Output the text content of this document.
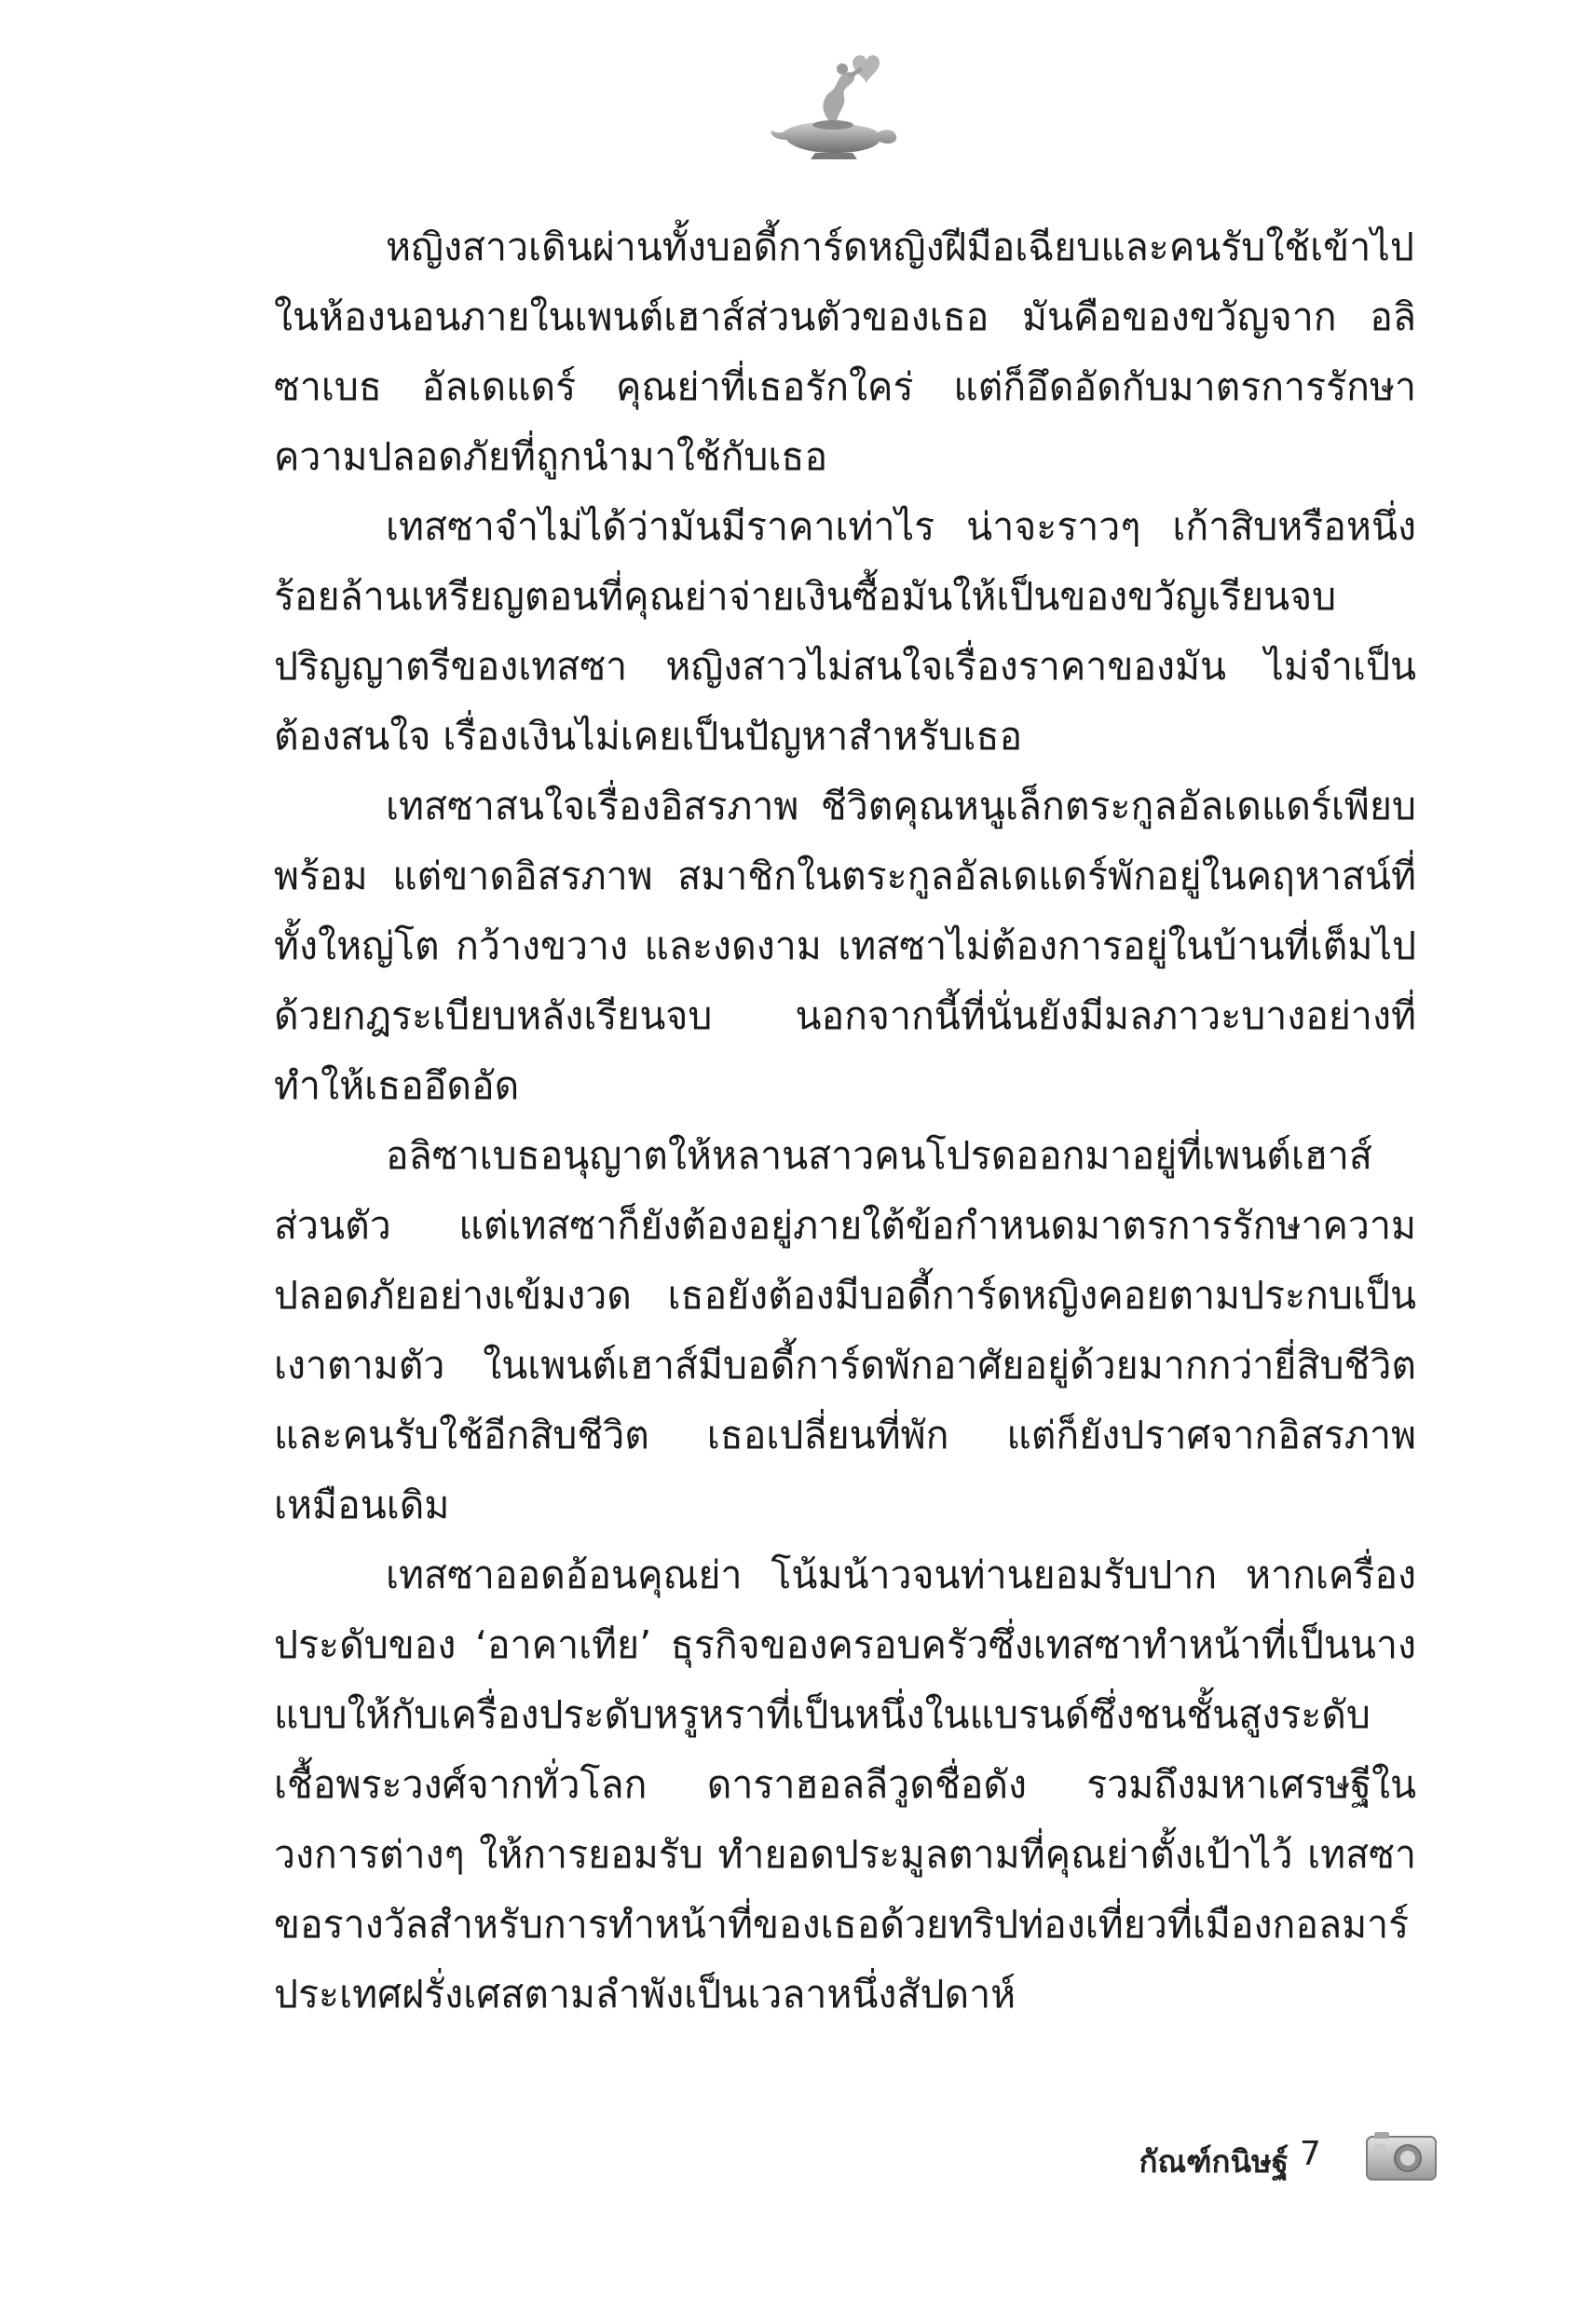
หญิงสาวเดินผ่านทั้งบอดี้การ์ดหญิงฝีมือเฉียบและคนรับใช้เข้าไปในห้องนอนภายในเพนต์เฮาส์ส่วนตัวของเธอ มันคือของขวัญจาก อลิซาเบธ อัลเดแดร์ คุณย่าที่เธอรักใคร่ แต่ก็อึดอัดกับมาตรการรักษาความปลอดภัยที่ถูกนำมาใช้กับเธอ

เทสซาจำไม่ได้ว่ามันมีราคาเท่าไร น่าจะราวๆ เก้าสิบหรือหนึ่งร้อยล้านเหรียญตอนที่คุณย่าจ่ายเงินซื้อมันให้เป็นของขวัญเรียนจบปริญญาตรีของเทสซา หญิงสาวไม่สนใจเรื่องราคาของมัน ไม่จำเป็นต้องสนใจ เรื่องเงินไม่เคยเป็นปัญหาสำหรับเธอ

เทสซาสนใจเรื่องอิสรภาพ ชีวิตคุณหนูเล็กตระกูลอัลเดแดร์เพียบพร้อม แต่ขาดอิสรภาพ สมาชิกในตระกูลอัลเดแดร์พักอยู่ในคฤหาสน์ที่ทั้งใหญ่โต กว้างขวาง และงดงาม เทสซาไม่ต้องการอยู่ในบ้านที่เต็มไปด้วยกฎระเบียบหลังเรียนจบ นอกจากนี้ที่นั่นยังมีมลภาวะบางอย่างที่ทำให้เธออึดอัด

อลิซาเบธอนุญาตให้หลานสาวคนโปรดออกมาอยู่ที่เพนต์เฮาส์ส่วนตัว แต่เทสซาก็ยังต้องอยู่ภายใต้ข้อกำหนดมาตรการรักษาความปลอดภัยอย่างเข้มงวด เธอยังต้องมีบอดี้การ์ดหญิงคอยตามประกบเป็นเงาตามตัว ในเพนต์เฮาส์มีบอดี้การ์ดพักอาศัยอยู่ด้วยมากกว่ายี่สิบชีวิตและคนรับใช้อีกสิบชีวิต เธอเปลี่ยนที่พัก แต่ก็ยังปราศจากอิสรภาพเหมือนเดิม

เทสซาออดอ้อนคุณย่า โน้มน้าวจนท่านยอมรับปาก หากเครื่องประดับของ ‘อาคาเทีย’ ธุรกิจของครอบครัวซึ่งเทสซาทำหน้าที่เป็นนางแบบให้กับเครื่องประดับหรูหราที่เป็นหนึ่งในแบรนด์ซึ่งชนชั้นสูงระดับเชื้อพระวงศ์จากทั่วโลก ดาราฮอลลีวูดชื่อดัง รวมถึงมหาเศรษฐีในวงการต่างๆ ให้การยอมรับ ทำยอดประมูลตามที่คุณย่าตั้งเป้าไว้ เทสซาขอรางวัลสำหรับการทำหน้าที่ของเธอด้วยทริปท่องเที่ยวที่เมืองกอลมาร์ ประเทศฝรั่งเศสตามลำพังเป็นเวลาหนึ่งสัปดาห์

กัณฑ์กนิษฐ์ 7
